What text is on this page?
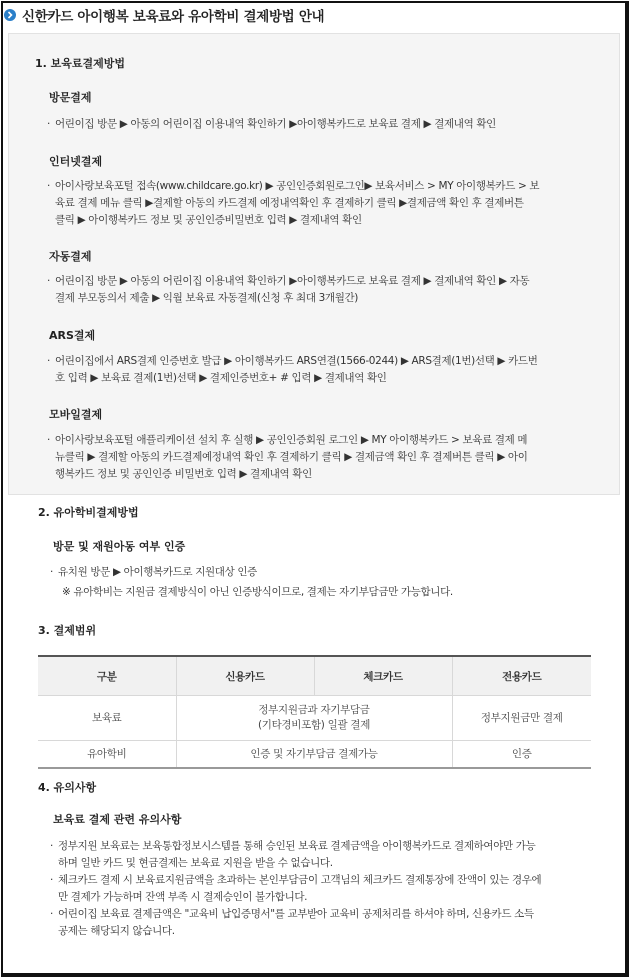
신한카드 아이행복 보육료와 유아학비 결제방법 안내
1. 보육료결제방법
방문결제
· 어린이집 방문 ▶ 아동의 어린이집 이용내역 확인하기 ▶아이행복카드로 보육료 결제 ▶ 결제내역 확인
인터넷결제
· 아이사랑보육포털 접속(www.childcare.go.kr) ▶ 공인인증회원로그인▶ 보육서비스 > MY 아이행복카드 > 보
육료 결제 메뉴 클릭 ▶결제할 아동의 카드결제 예정내역확인 후 결제하기 클릭 ▶결제금액 확인 후 결제버튼
클릭 ▶ 아이행복카드 정보 및 공인인증비밀번호 입력 ▶ 결제내역 확인
자동결제
· 어린이집 방문 ▶ 아동의 어린이집 이용내역 확인하기 ▶아이행복카드로 보육료 결제 ▶ 결제내역 확인 ▶ 자동
결제 부모동의서 제출 ▶ 익월 보육료 자동결제(신청 후 최대 3개월간)
ARS결제
· 어린이집에서 ARS결제 인증번호 발급 ▶ 아이행복카드 ARS연결(1566-0244) ▶ ARS결제(1번)선택 ▶ 카드번
호 입력 ▶ 보육료 결제(1번)선택 ▶ 결제인증번호+ # 입력 ▶ 결제내역 확인
모바일결제
· 아이사랑보육포털 애플리케이션 설치 후 실행 ▶ 공인인증회원 로그인 ▶ MY 아이행복카드 > 보육료 결제 메
뉴클릭 ▶ 결제할 아동의 카드결제예정내역 확인 후 결제하기 클릭 ▶ 결제금액 확인 후 결제버튼 클릭 ▶ 아이
행복카드 정보 및 공인인증 비밀번호 입력 ▶ 결제내역 확인
2. 유아학비결제방법
방문 및 재원아동 여부 인증
· 유치원 방문 ▶ 아이행복카드로 지원대상 인증
※ 유아학비는 지원금 결제방식이 아닌 인증방식이므로, 결제는 자기부담금만 가능합니다.
3. 결제범위
구분	신용카드	체크카드	전용카드
보육료	정부지원금과 자기부담금
(기타경비포함) 일괄 결제		정부지원금만 결제
유아학비	인증 및 자기부담금 결제가능		인증
4. 유의사항
보육료 결제 관련 유의사항
· 정부지원 보육료는 보육통합정보시스템를 통해 승인된 보육료 결제금액을 아이행복카드로 결제하여야만 가능
하며 일반 카드 및 현금결제는 보육료 지원을 받을 수 없습니다.
· 체크카드 결제 시 보육료지원금액을 초과하는 본인부담금이 고객님의 체크카드 결제통장에 잔액이 있는 경우에
만 결제가 가능하며 잔액 부족 시 결제승인이 불가합니다.
· 어린이집 보육료 결제금액은 "교육비 납입증명서"를 교부받아 교육비 공제처리를 하셔야 하며, 신용카드 소득
공제는 해당되지 않습니다.
